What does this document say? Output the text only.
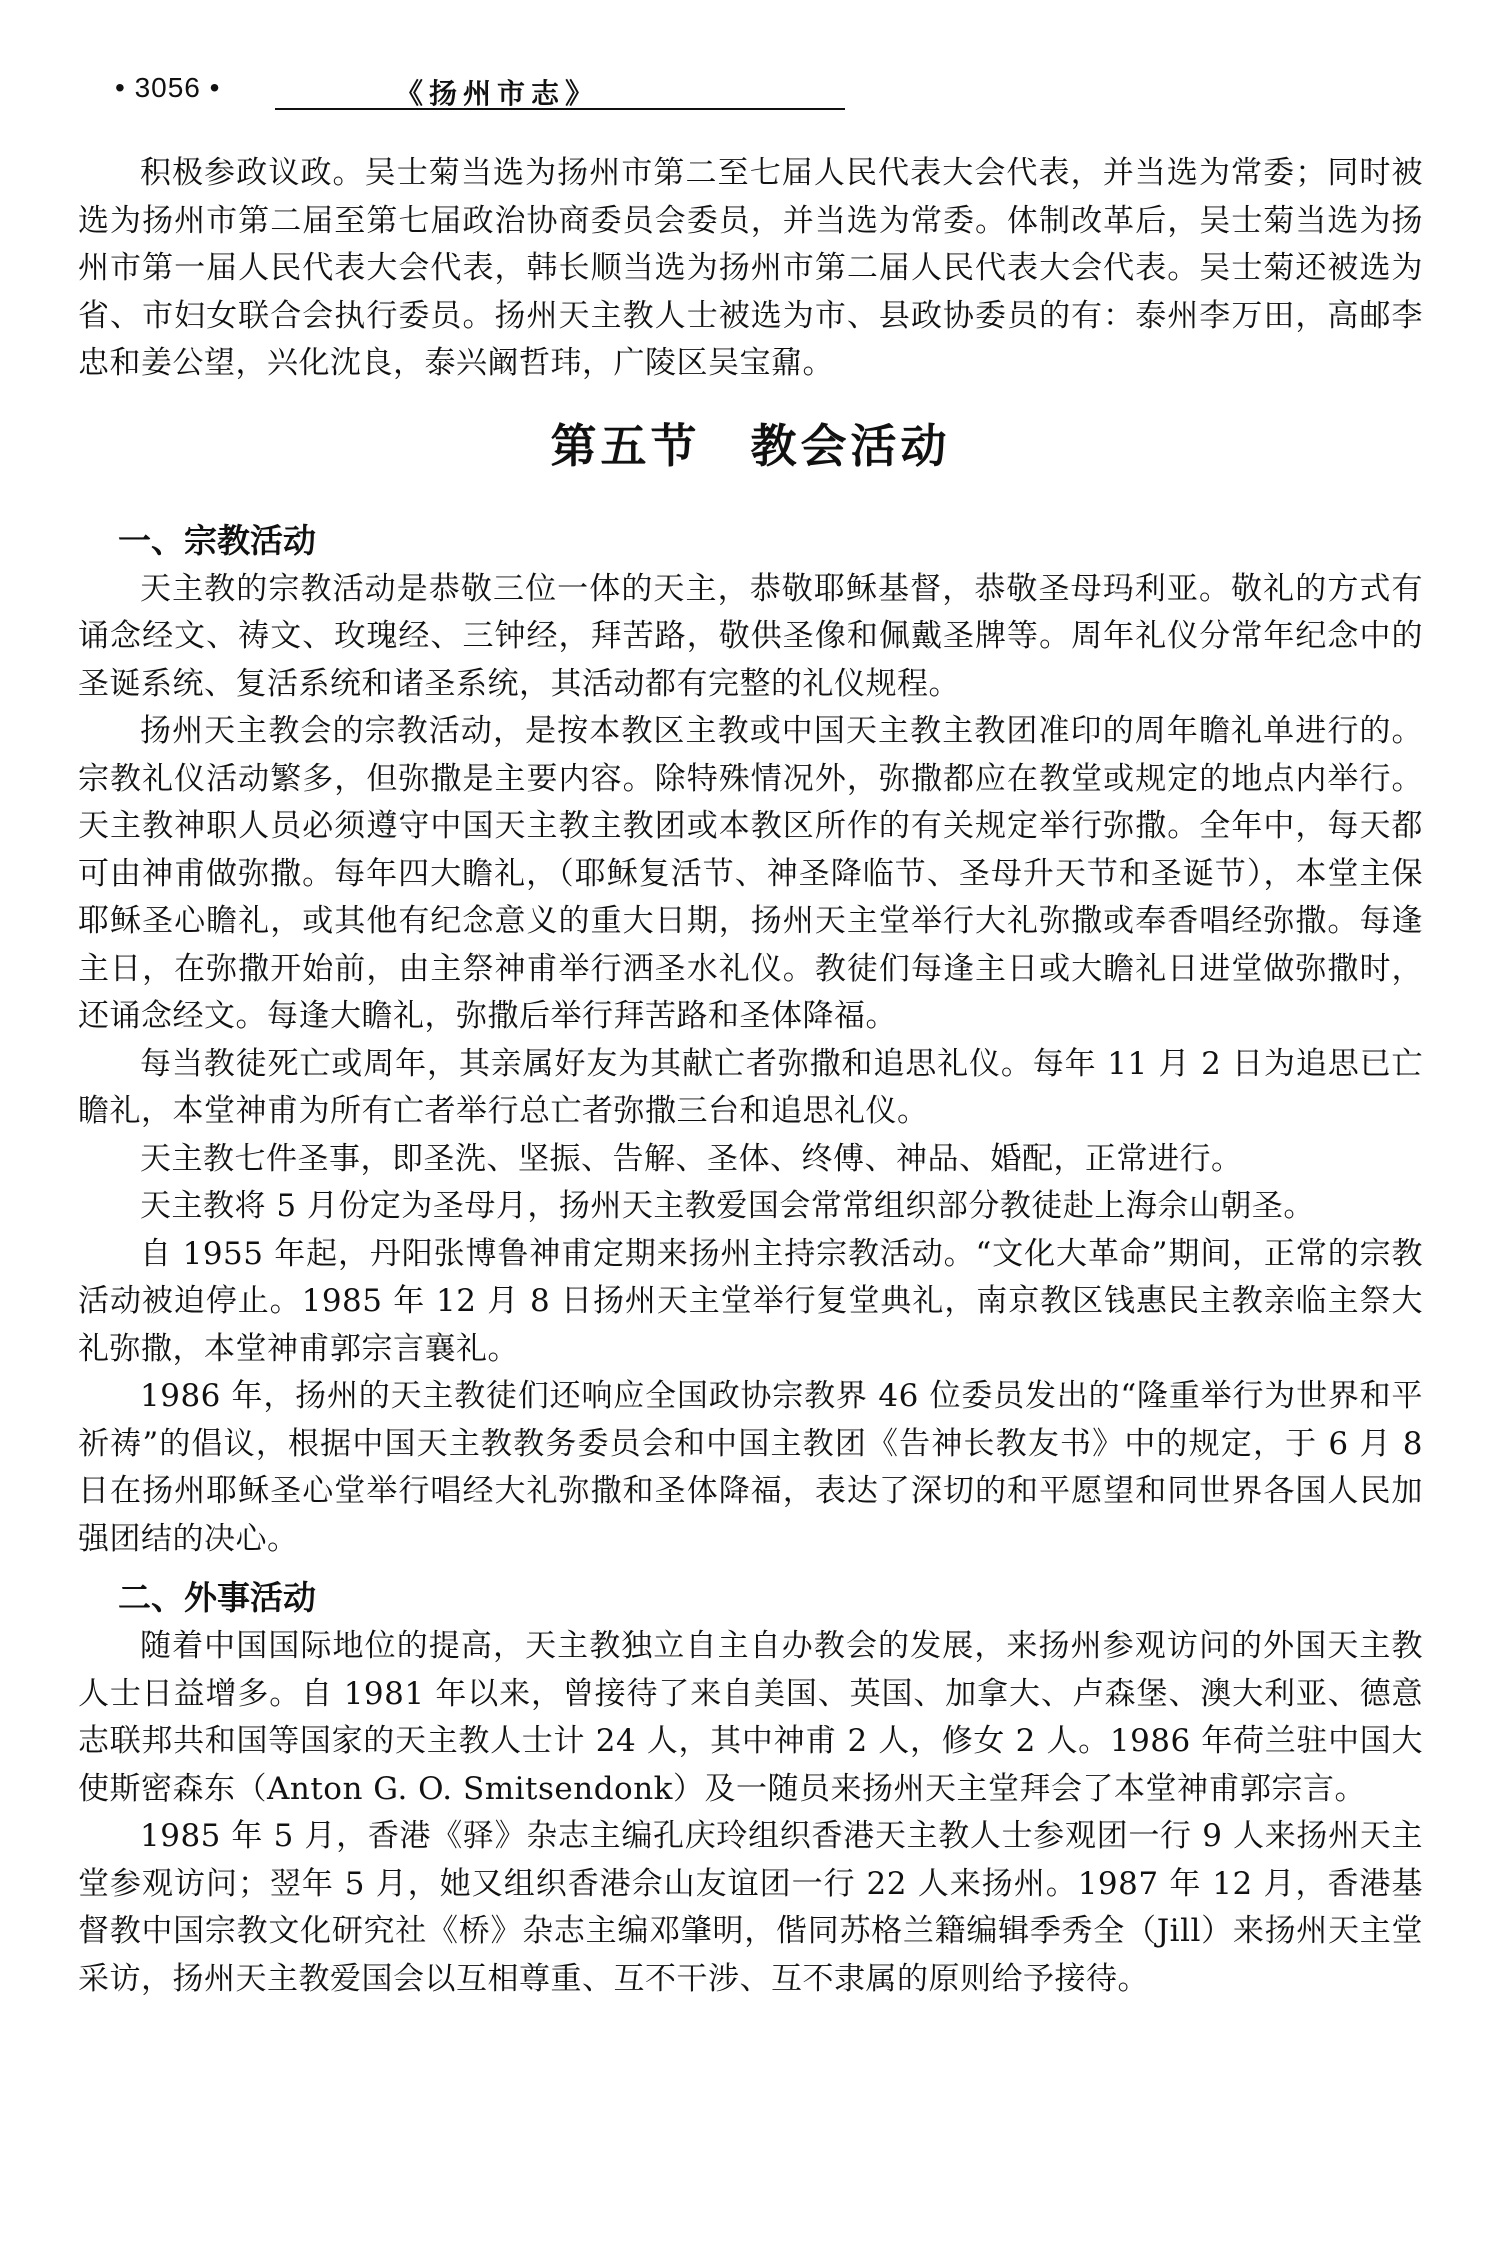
• 3056 •	《扬州市志》

积极参政议政。吴士菊当选为扬州市第二至七届人民代表大会代表，并当选为常委；同时被选为扬州市第二届至第七届政治协商委员会委员，并当选为常委。体制改革后，吴士菊当选为扬州市第一届人民代表大会代表，韩长顺当选为扬州市第二届人民代表大会代表。吴士菊还被选为省、市妇女联合会执行委员。扬州天主教人士被选为市、县政协委员的有：泰州李万田，高邮李忠和姜公望，兴化沈良，泰兴阚哲玮，广陵区吴宝鼐。

第五节　教会活动
一、宗教活动

天主教的宗教活动是恭敬三位一体的天主，恭敬耶稣基督，恭敬圣母玛利亚。敬礼的方式有诵念经文、祷文、玫瑰经、三钟经，拜苦路，敬供圣像和佩戴圣牌等。周年礼仪分常年纪念中的圣诞系统、复活系统和诸圣系统，其活动都有完整的礼仪规程。

扬州天主教会的宗教活动，是按本教区主教或中国天主教主教团准印的周年瞻礼单进行的。宗教礼仪活动繁多，但弥撒是主要内容。除特殊情况外，弥撒都应在教堂或规定的地点内举行。天主教神职人员必须遵守中国天主教主教团或本教区所作的有关规定举行弥撒。全年中，每天都可由神甫做弥撒。每年四大瞻礼，（耶稣复活节、神圣降临节、圣母升天节和圣诞节），本堂主保耶稣圣心瞻礼，或其他有纪念意义的重大日期，扬州天主堂举行大礼弥撒或奉香唱经弥撒。每逢主日，在弥撒开始前，由主祭神甫举行洒圣水礼仪。教徒们每逢主日或大瞻礼日进堂做弥撒时，还诵念经文。每逢大瞻礼，弥撒后举行拜苦路和圣体降福。

每当教徒死亡或周年，其亲属好友为其献亡者弥撒和追思礼仪。每年 11 月 2 日为追思已亡瞻礼，本堂神甫为所有亡者举行总亡者弥撒三台和追思礼仪。

天主教七件圣事，即圣洗、坚振、告解、圣体、终傅、神品、婚配，正常进行。

天主教将 5 月份定为圣母月，扬州天主教爱国会常常组织部分教徒赴上海佘山朝圣。

自 1955 年起，丹阳张博鲁神甫定期来扬州主持宗教活动。“文化大革命”期间，正常的宗教活动被迫停止。1985 年 12 月 8 日扬州天主堂举行复堂典礼，南京教区钱惠民主教亲临主祭大礼弥撒，本堂神甫郭宗言襄礼。

1986 年，扬州的天主教徒们还响应全国政协宗教界 46 位委员发出的“隆重举行为世界和平祈祷”的倡议，根据中国天主教教务委员会和中国主教团《告神长教友书》中的规定，于 6 月 8 日在扬州耶稣圣心堂举行唱经大礼弥撒和圣体降福，表达了深切的和平愿望和同世界各国人民加强团结的决心。

二、外事活动

随着中国国际地位的提高，天主教独立自主自办教会的发展，来扬州参观访问的外国天主教人士日益增多。自 1981 年以来，曾接待了来自美国、英国、加拿大、卢森堡、澳大利亚、德意志联邦共和国等国家的天主教人士计 24 人，其中神甫 2 人，修女 2 人。1986 年荷兰驻中国大使斯密森东（Anton G. O. Smitsendonk）及一随员来扬州天主堂拜会了本堂神甫郭宗言。

1985 年 5 月，香港《驿》杂志主编孔庆玲组织香港天主教人士参观团一行 9 人来扬州天主堂参观访问；翌年 5 月，她又组织香港佘山友谊团一行 22 人来扬州。1987 年 12 月，香港基督教中国宗教文化研究社《桥》杂志主编邓肇明，偕同苏格兰籍编辑季秀全（Jill）来扬州天主堂采访，扬州天主教爱国会以互相尊重、互不干涉、互不隶属的原则给予接待。
